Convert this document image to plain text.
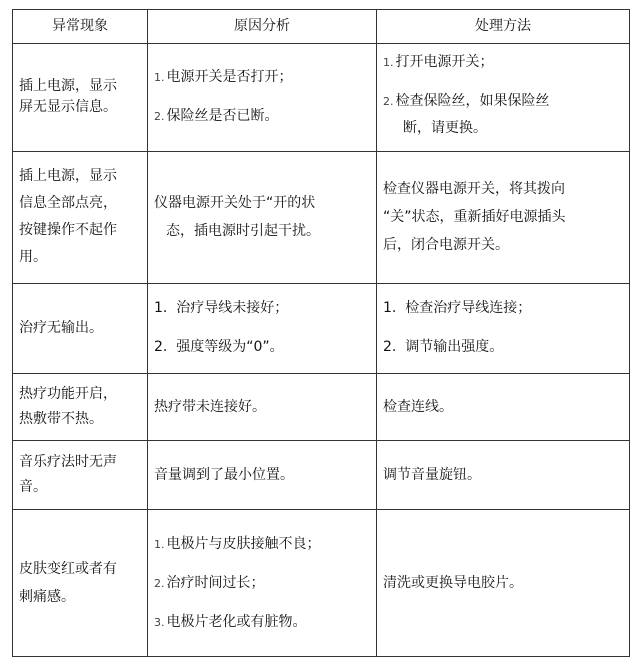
异常现象	原因分析	处理方法

插上电源，显示
屏无显示信息。	1. 电源开关是否打开；
2. 保险丝是否已断。	1. 打开电源开关；
2. 检查保险丝，如果保险丝
断，请更换。

插上电源，显示
信息全部点亮，
按键操作不起作
用。	仪器电源开关处于“开的状
态，插电源时引起干扰。	检查仪器电源开关，将其拨向
“关”状态，重新插好电源插头
后，闭合电源开关。

治疗无输出。	1. 治疗导线未接好；
2. 强度等级为“0”。	1. 检查治疗导线连接；
2. 调节输出强度。

热疗功能开启，
热敷带不热。	热疗带未连接好。	检查连线。

音乐疗法时无声
音。	音量调到了最小位置。	调节音量旋钮。

皮肤变红或者有
刺痛感。	1. 电极片与皮肤接触不良；
2. 治疗时间过长；
3. 电极片老化或有脏物。	清洗或更换导电胶片。
